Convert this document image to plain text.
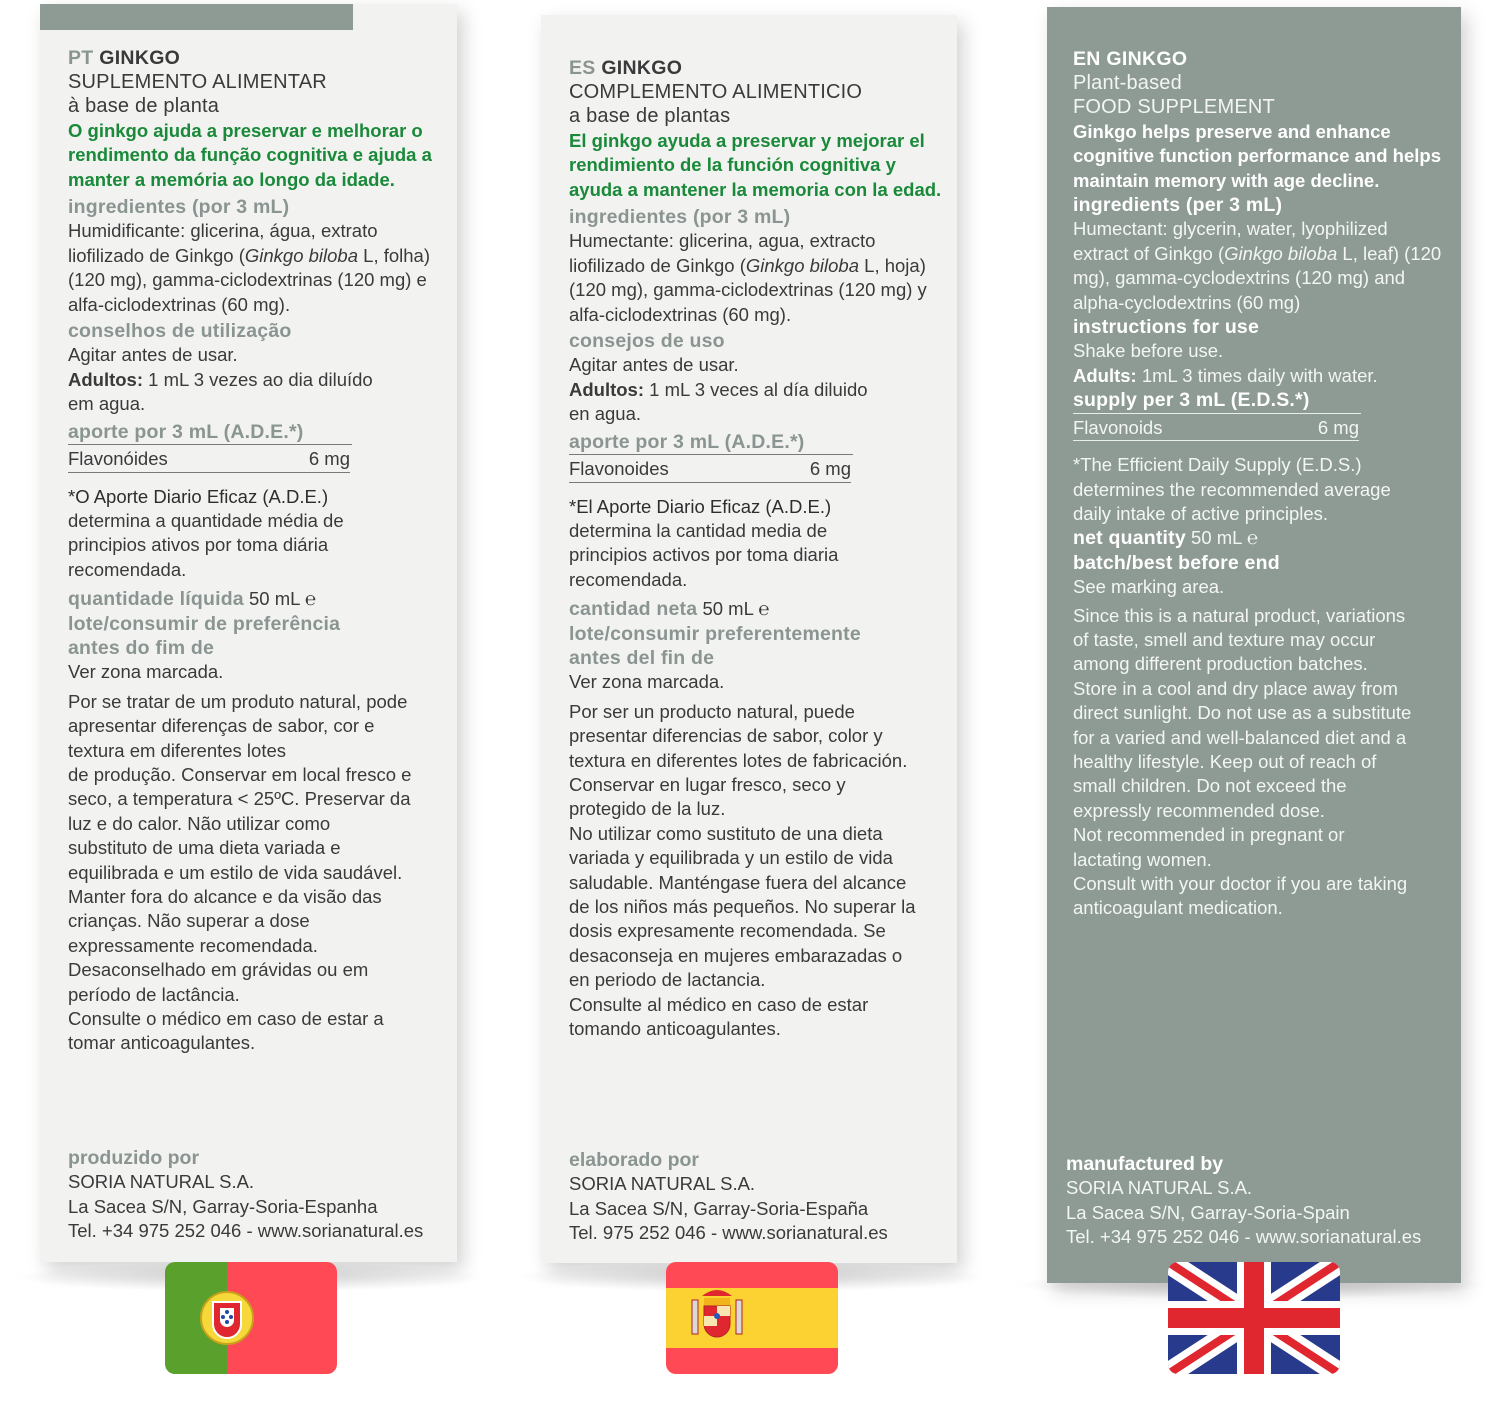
PT GINKGO
SUPLEMENTO ALIMENTAR
à base de planta
O ginkgo ajuda a preservar e melhorar o rendimento da função cognitiva e ajuda a manter a memória ao longo da idade.
ingredientes (por 3 mL)
Humidificante: glicerina, água, extrato liofilizado de Ginkgo (Ginkgo biloba L, folha) (120 mg), gamma-ciclodextrinas (120 mg) e alfa-ciclodextrinas (60 mg).
conselhos de utilização
Agitar antes de usar.
Adultos: 1 mL 3 vezes ao dia diluído em agua.
aporte por 3 mL (A.D.E.*)
Flavonóides	6 mg
*O Aporte Diario Eficaz (A.D.E.)
determina a quantidade média de principios ativos por toma diária recomendada.
quantidade líquida 50 mL ℮
lote/consumir de preferência antes do fim de
Ver zona marcada.
Por se tratar de um produto natural, pode
apresentar diferenças de sabor, cor e
textura em diferentes lotes
de produção. Conservar em local fresco e
seco, a temperatura < 25ºC. Preservar da
luz e do calor. Não utilizar como
substituto de uma dieta variada e
equilibrada e um estilo de vida saudável.
Manter fora do alcance e da visão das
crianças. Não superar a dose
expressamente recomendada.
Desaconselhado em grávidas ou em
período de lactância.
Consulte o médico em caso de estar a
tomar anticoagulantes.
produzido por
SORIA NATURAL S.A.
La Sacea S/N, Garray-Soria-Espanha
Tel. +34 975 252 046 - www.sorianatural.es
ES GINKGO
COMPLEMENTO ALIMENTICIO
a base de plantas
El ginkgo ayuda a preservar y mejorar el rendimiento de la función cognitiva y ayuda a mantener la memoria con la edad.
ingredientes (por 3 mL)
Humectante: glicerina, agua, extracto liofilizado de Ginkgo (Ginkgo biloba L, hoja) (120 mg), gamma-ciclodextrinas (120 mg) y alfa-ciclodextrinas (60 mg).
consejos de uso
Agitar antes de usar.
Adultos: 1 mL 3 veces al día diluido en agua.
aporte por 3 mL (A.D.E.*)
Flavonoides	6 mg
*El Aporte Diario Eficaz (A.D.E.)
determina la cantidad media de principios activos por toma diaria recomendada.
cantidad neta 50 mL ℮
lote/consumir preferentemente antes del fin de
Ver zona marcada.
Por ser un producto natural, puede
presentar diferencias de sabor, color y
textura en diferentes lotes de fabricación.
Conservar en lugar fresco, seco y
protegido de la luz.
No utilizar como sustituto de una dieta
variada y equilibrada y un estilo de vida
saludable. Manténgase fuera del alcance
de los niños más pequeños. No superar la
dosis expresamente recomendada. Se
desaconseja en mujeres embarazadas o
en periodo de lactancia.
Consulte al médico en caso de estar
tomando anticoagulantes.
elaborado por
SORIA NATURAL S.A.
La Sacea S/N, Garray-Soria-España
Tel. 975 252 046 - www.sorianatural.es
EN GINKGO
Plant-based
FOOD SUPPLEMENT
Ginkgo helps preserve and enhance cognitive function performance and helps maintain memory with age decline.
ingredients (per 3 mL)
Humectant: glycerin, water, lyophilized extract of Ginkgo (Ginkgo biloba L, leaf) (120 mg), gamma-cyclodextrins (120 mg) and alpha-cyclodextrins (60 mg)
instructions for use
Shake before use.
Adults: 1mL 3 times daily with water.
supply per 3 mL (E.D.S.*)
Flavonoids	6 mg
*The Efficient Daily Supply (E.D.S.) determines the recommended average daily intake of active principles.
net quantity 50 mL ℮
batch/best before end
See marking area.
Since this is a natural product, variations
of taste, smell and texture may occur
among different production batches.
Store in a cool and dry place away from
direct sunlight. Do not use as a substitute
for a varied and well-balanced diet and a
healthy lifestyle. Keep out of reach of
small children. Do not exceed the
expressly recommended dose.
Not recommended in pregnant or
lactating women.
Consult with your doctor if you are taking
anticoagulant medication.
manufactured by
SORIA NATURAL S.A.
La Sacea S/N, Garray-Soria-Spain
Tel. +34 975 252 046 - www.sorianatural.es
